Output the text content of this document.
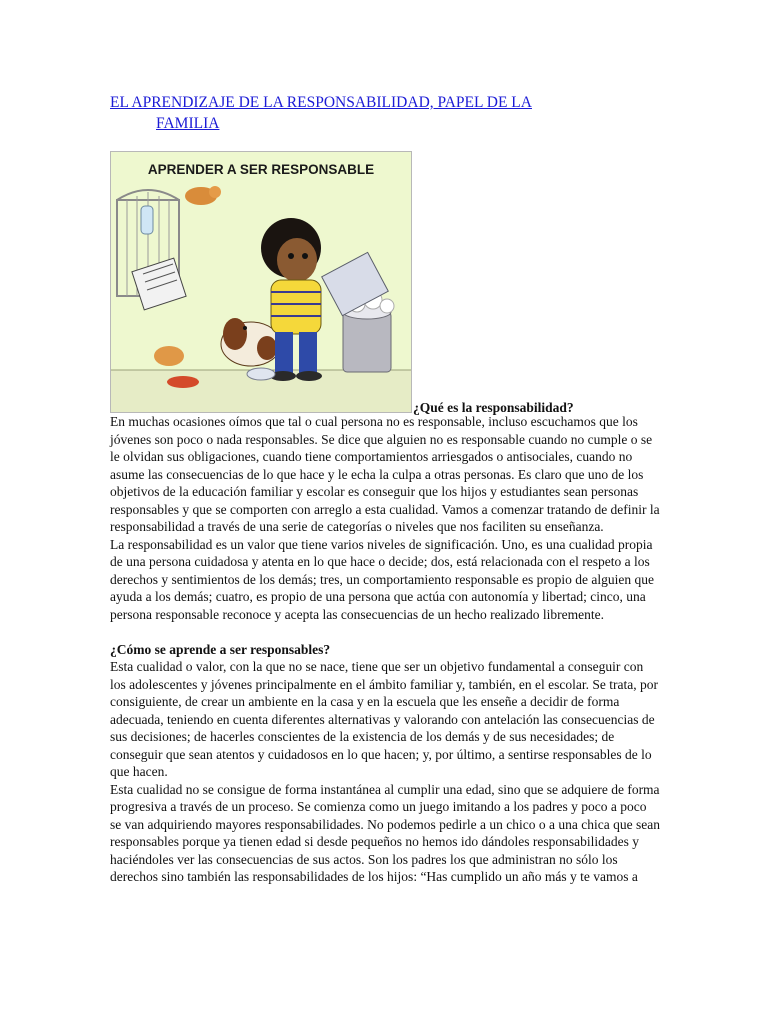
EL APRENDIZAJE DE LA RESPONSABILIDAD, PAPEL DE LA
FAMILIA
APRENDER A SER RESPONSABLE
¿Qué es la responsabilidad?

En muchas ocasiones oímos que tal o cual persona no es responsable, incluso escuchamos que los jóvenes son poco o nada responsables. Se dice que alguien no es responsable cuando no cumple o se le olvidan sus obligaciones, cuando tiene comportamientos arriesgados o antisociales, cuando no asume las consecuencias de lo que hace y le echa la culpa a otras personas. Es claro que uno de los objetivos de la educación familiar y escolar es conseguir que los hijos y estudiantes sean personas responsables y que se comporten con arreglo a esta cualidad. Vamos a comenzar tratando de definir la responsabilidad a través de una serie de categorías o niveles que nos faciliten su enseñanza.

La responsabilidad es un valor que tiene varios niveles de significación. Uno, es una cualidad propia de una persona cuidadosa y atenta en lo que hace o decide; dos, está relacionada con el respeto a los derechos y sentimientos de los demás; tres, un comportamiento responsable es propio de alguien que ayuda a los demás; cuatro, es propio de una persona que actúa con autonomía y libertad; cinco, una persona responsable reconoce y acepta las consecuencias de un hecho realizado libremente.

¿Cómo se aprende a ser responsables?

Esta cualidad o valor, con la que no se nace, tiene que ser un objetivo fundamental a conseguir con los adolescentes y jóvenes principalmente en el ámbito familiar y, también, en el escolar. Se trata, por consiguiente, de crear un ambiente en la casa y en la escuela que les enseñe a decidir de forma adecuada, teniendo en cuenta diferentes alternativas y valorando con antelación las consecuencias de sus decisiones; de hacerles conscientes de la existencia de los demás y de sus necesidades; de conseguir que sean atentos y cuidadosos en lo que hacen; y, por último, a sentirse responsables de lo que hacen.

Esta cualidad no se consigue de forma instantánea al cumplir una edad, sino que se adquiere de forma progresiva a través de un proceso. Se comienza como un juego imitando a los padres y poco a poco se van adquiriendo mayores responsabilidades. No podemos pedirle a un chico o a una chica que sean responsables porque ya tienen edad si desde pequeños no hemos ido dándoles responsabilidades y haciéndoles ver las consecuencias de sus actos. Son los padres los que administran no sólo los derechos sino también las responsabilidades de los hijos: “Has cumplido un año más y te vamos a
